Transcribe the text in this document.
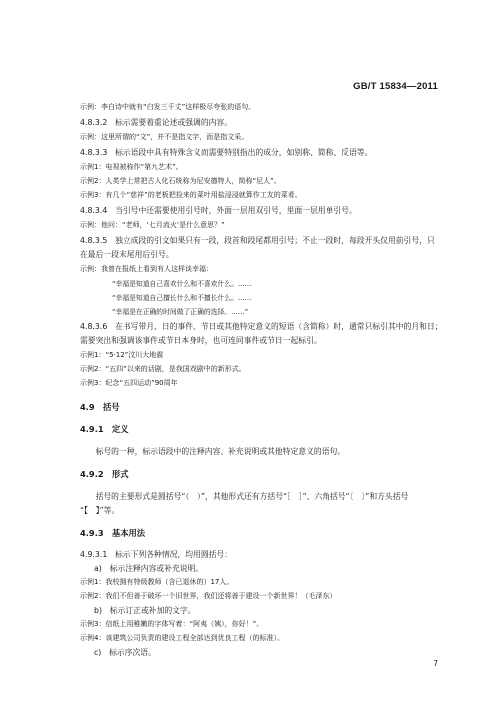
GB/T 15834—2011
示例：李白诗中就有“白发三千丈”这样极尽夸张的语句。
4.8.3.2　标示需要着重论述或强调的内容。
示例：这里所谓的“文”，并不是指文字，而是指文采。
4.8.3.3　标示语段中具有特殊含义而需要特别指出的成分，如别称、简称、反语等。
示例1：电视被称作“第九艺术”。
示例2：人类学上常把古人化石统称为尼安德特人，简称“尼人”。
示例3：有几个“慈祥”的老板把捡来的菜叶用盐浸浸就算作工友的菜肴。
4.8.3.4　当引号中还需要使用引号时，外面一层用双引号，里面一层用单引号。
示例：他问：“老师，‘七月流火’是什么意思？”
4.8.3.5　独立成段的引文如果只有一段，段首和段尾都用引号；不止一段时，每段开头仅用前引号，只
在最后一段末尾用后引号。
示例：我曾在报纸上看到有人这样谈幸福：
“幸福是知道自己喜欢什么和不喜欢什么。……
“幸福是知道自己擅长什么和不擅长什么。……
“幸福是在正确的时间做了正确的选择。……”
4.8.3.6　在书写带月、日的事件、节日或其他特定意义的短语（含简称）时，通常只标引其中的月和日；
需要突出和强调该事件或节日本身时，也可连同事件或节日一起标引。
示例1：“5·12”汶川大地震
示例2：“五四”以来的话剧，是我国戏剧中的新形式。
示例3：纪念“五四运动”90周年
4.9　括号
4.9.1　定义
　　标号的一种，标示语段中的注释内容、补充说明或其他特定意义的语句。
4.9.2　形式
　　括号的主要形式是圆括号“（　）”，其他形式还有方括号“［　］”、六角括号“〔　〕”和方头括号
“【　】”等。
4.9.3　基本用法
4.9.3.1　标示下列各种情况，均用圆括号：
a)　标示注释内容或补充说明。
示例1：我校拥有特级教师（含已退休的）17人。
示例2：我们不但善于破坏一个旧世界，我们还将善于建设一个新世界！（毛泽东）
b)　标示订正或补加的文字。
示例3：信纸上用稚嫩的字体写着：“阿夷（姨），你好！”。
示例4：该建筑公司负责的建设工程全部达到优良工程（的标准）。
c)　标示序次语。
7
